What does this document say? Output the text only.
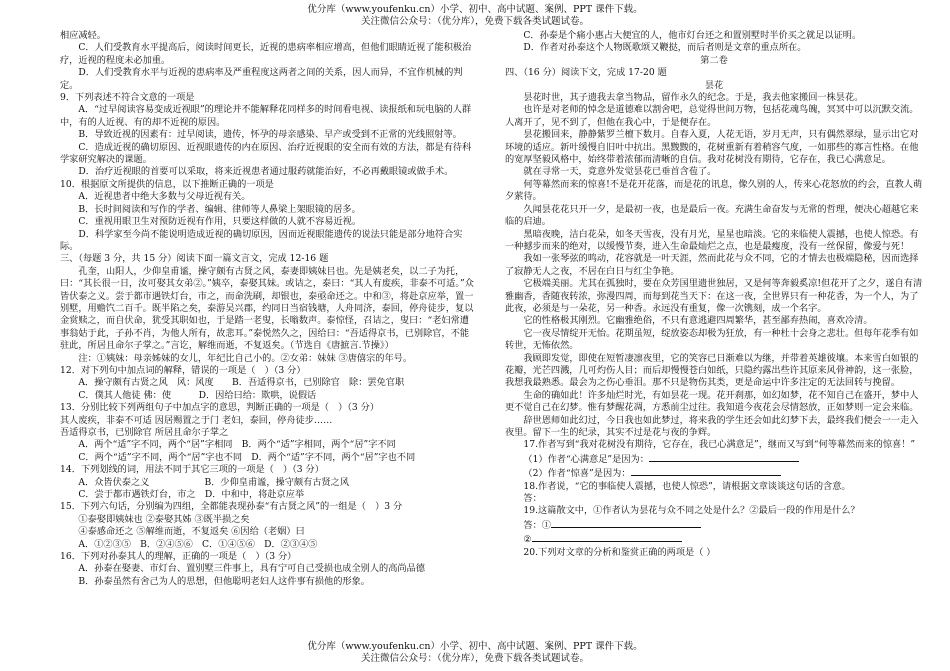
优分库（www.youfenku.cn）小学、初中、高中试题、案例、PPT 课件下载。
关注微信公众号：（优分库），免费下载各类试题试卷。

相应减轻。

C．人们受教育水平提高后，阅读时间更长，近视的患病率相应增高，但他们眼睛近视了能积极治疗，近视的程度未必加重。

D．人们受教育水平与近视的患病率及严重程度这两者之间的关系，因人而异，不宜作机械的判定。

9．下列表述不符合文意的一项是

A．“过早阅读容易变成近视眼”的理论并不能解释花同样多的时间看电视、读报纸和玩电脑的人群中，有的人近视、有的却不近视的原因。

B．导致近视的因素有：过早阅读，遗传，怀孕的母亲感染、早产或受到不正常的光线照射等。

C．造成近视的确切原因、近视眼遗传的内在原因、治疗近视眼的安全而有效的方法，都是有待科学家研究解决的课题。

D．治疗近视眼的首要可以采取，将来近视患者通过服药就能治好，不必再戴眼镜或做手术。

10．根据原文所提供的信息，以下推断正确的一项是

A．近视患者中绝大多数与父母近视有关。

B．长时间阅读和写作的学者、编辑、律师等人鼻梁上架眼镜的居多。

C．重视用眼卫生对预防近视有作用，只要这样做的人就不容易近视。

D．科学家至今尚不能说明造成近视的确切原因，因而近视眼能遗传的说法只能是部分地符合实际。

三、（每题 3 分，共 15 分）阅读下面一篇文言文，完成 12-16 题

孔奎，山阳人，少仰皇甫谧，操守颇有古贤之风，泰妻即姨妹㠯也。先是姨老矣，以二子为托，曰：“其长很一日，汝可娶其女弟②。”姨卒，泰娶其妹。或诘之，泰曰：“其人有废疾，非泰不可适。”众皆伏泰之义。尝于都市遇铁灯台，市之，而命洗刷，却银也，泰亟命还之。中和③，将赴京应举，置一别墅，用赡饩二百千。既半陷之矣，泰游吴兴郡，约同日当宿钱塘，人舟同济，泰回，停舟徒步，复以金赏赎之，而自伏命，犹受其职如也，于是踏一老叟，长嗡数声。泰惊怪，召诘之，叟曰：“老妇常遭事翁姑于此，子孙不肖，为他人所有，故悲耳。”泰悦然久之，因给曰：“吾适得京书，已别除官，不能驻此，所居且命尔子掌之。”言讫，解维而逝，不复返矣。（节选自《唐摭言.节操》）

注：①姨妹：母亲姊妹的女儿，年纪比自己小的。②女弟：妹妹 ③唐僖宗的年号。

12．对下列句中加点词的解释，错误的一项是（　）（3 分）

A．操守颇有古贤之风　风：风度　　B．吾适得京书，已别除官　除：罢免官职

C．僕其人他徒 佛：使　　　D．因给曰给：欺哄，说假话

13．分别比较下列两组句子中加点字的意思，判断正确的一项是（　）（3 分）

其人废疾，非泰不可适 因居赐置之于门 老妇，泰回，停舟徒步……

吾适得京书，已别除官 所居且命尔子掌之

A．两个“适”字不同，两个“居”字相同　B．两个“适”字相同，两个“居”字不同

C．两个“适”字不同，两个“居”字也不同　D．两个“适”字不同，两个“居”字也不同

14．下列划线的词，用法不同于其它三项的一项是（　）（3 分）

A．众皆伏泰之义　　　　　　B．少仰皇甫谧，操守颇有古贤之风

C．尝于都市遇铁灯台，市之　D．中和中，将赴京应举

15．下列六句话，分别编为四组，全都能表现孙泰“有古贤之风”的一组是（　）3 分

①泰娶即姨妹也 ②泰娶其姊 ③既半损之矣

④泰感命还之 ⑤解维而逝，不复返矣 ⑥因给（老姻）曰

A．①②③⑤　B．②④⑤⑥　C．①④⑤⑥　D．②③④⑤

16．下列对孙泰其人的理解，正确的一项是（　）（3 分）

A．孙泰在娶妻、市灯台、置别墅三件事上，具有宁可自己受损也成全别人的高尚品德

B．孙泰虽然有舍己为人的思想，但他聪明老妇人这件事有损他的形象。

C．孙泰是个痛小惠占大便宜的人，他市灯台还之和置别墅时半价买之就足以证明。

D．作者对孙泰这个人物既歌颂又鞭挞，而后者则是文章的重点所在。

第二卷

四、（16 分）阅读下文，完成 17-20 题

昙花

昙花时世，其子遗我去拿当物品，留作永久的纪念。于是，我去他家搬回一株昙花。

也许是对老师的悼念是道德难以割舍吧，总觉得世间万物，包括花魂鸟魄，冥冥中可以沉默交流。人离开了，见不到了，但他在我心中，于是便存在。

昙花搬回来，静静紫罗兰檀下数月。自春入夏，人花无语，岁月无声，只有偶然翠绿，显示出它对环境的适应。新叶缓慢自旧叶中抗出。黑黢黢的，花树重新有着稍容气度，一如那些的寡言性格。在他的宽厚坚毅风格中，始终带着浓郁而清晰的自信。我对花树没有期待，它存在，我已心满意足。

就在寻常一天，竟意外发觉昙花已垂首含苞了。

何等幕然而来的惊喜!不是花开花落，而是花的讯息，像久别的人，传来心花怒放的约会，直教人萌夕萦待。

久闻昙花花只开一夕，是最初一夜，也是最后一夜。充满生命奋发与无常的哲理，便决心超越它来临的启迪。

黑暗夜晚，洁白花朵，如冬天雪夜，没有月光，星星也暗淡。它的来临使人震撼，也使人惊恐。有一种撼步而来的绝对，以缓慢节奏，进入生命最灿烂之点，也是最瘦度，没有一丝保留，像爱与死！

我如一张琴弦的鸣动，花容就是一叶天涯，然而此花与众不同，它的才情去也极端隐秘，因而选择了寂静无人之夜，不居在白日与红尘争艳。

它极端美丽。尤其在孤独时，要在众芳国里遗世独居，又是何等奔毅奚凉!但花开了之夕，遂自有清雅幽香，香随夜转浓，弥漫四周，而每到花当天下：在这一夜，全世界只有一种花香，为一个人，为了此夜，必须是与一朵花，另一种香。永远没有重复，像一次镌刻，成一个名字。

它的性格极其刚烈。它幽雅绝俗，不只有意逃避四周繁华，甚至鄙弃热闹，喜欢冷清。

它一夜尽情绽开无怡。花期虽短，绽放姿态却极为狂放，有一种杜十会身之悲壮。但每年花季有如转世，无怖依然。

我顾即发觉，即使在短暂凄凛夜里，它的笑容已日渐难以为继，并带着英雄彼壤。本来雪白如银的花瓣，光芒四溅，几可灼伤人目；而后却慢慢苍白如纸，只隐约露出些许其原来风骨神韵，这一张脸，我想我最熟悉。最会为之伤心垂泪。那不只是物伤其类，更是命运中许多注定的无法回转与挽留。

生命的确如此！许多灿烂时光，有如昙花一现。花开刹那，如幻如梦，花不知自己在盛开，梦中人更不觉自己在幻梦。惟有梦醒花凋，方悉前尘过往。我知道今夜花会尽情怒放，正如梦则一定会来临。

辞世恩师如此幻过，今日我也如此梦过，将来我的学生还会如此幻梦下去，最终我们便会一一走入夜里。留下一生的纪录，其实不过是花与夜的争辉。

17.作者写到“我对花树没有期待，它存在，我已心满意足”，继而又写到“何等幕然而来的惊喜！”

（1）作者“心满意足”是因为：

（2）作者“惊喜”是因为：

18.作者说，“它的事临使人震撼，也使人惊恐”，请根据文章谈谈这句话的含意。

答：

19.这篇散文中，①作者认为昙花与众不同之处是什么？②最后一段的作用是什么？

答：①

②

20.下列对文章的分析和鉴赏正确的两项是（ ）

优分库（www.youfenku.cn）小学、初中、高中试题、案例、PPT 课件下载。
关注微信公众号：（优分库），免费下载各类试题试卷。
